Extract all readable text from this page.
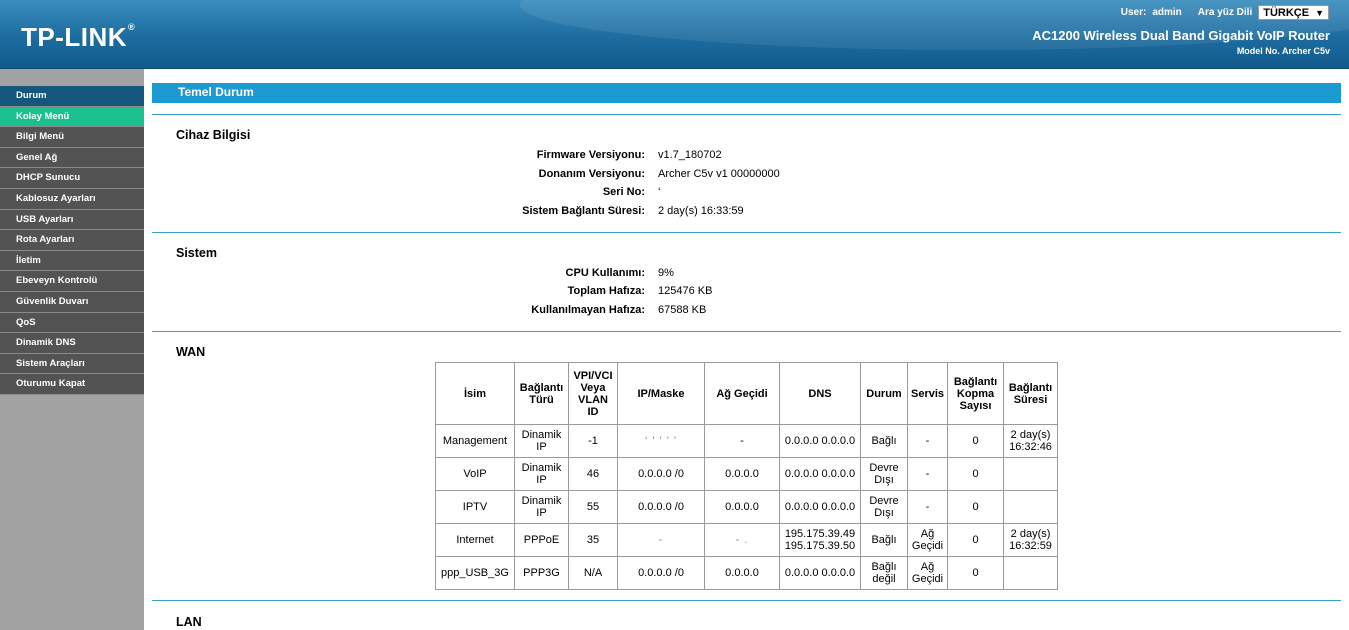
TP-LINK®
User: admin Ara yüz Dili TÜRKÇE ▼
AC1200 Wireless Dual Band Gigabit VoIP Router
Model No. Archer C5v
Durum
Kolay Menü
Bilgi Menü
Genel Ağ
DHCP Sunucu
Kablosuz Ayarları
USB Ayarları
Rota Ayarları
İletim
Ebeveyn Kontrolü
Güvenlik Duvarı
QoS
Dinamik DNS
Sistem Araçları
Oturumu Kapat
Temel Durum
Cihaz Bilgisi
Firmware Versiyonu: v1.7_180702
Donanım Versiyonu: Archer C5v v1 00000000
Seri No: ‘
Sistem Bağlantı Süresi: 2 day(s) 16:33:59
Sistem
CPU Kullanımı: 9%
Toplam Hafıza: 125476 KB
Kullanılmayan Hafıza: 67588 KB
WAN
İsim	Bağlantı Türü	VPI/VCI Veya VLAN ID	IP/Maske	Ağ Geçidi	DNS	Durum	Servis	Bağlantı Kopma Sayısı	Bağlantı Süresi
Management	Dinamik IP	-1	‘ ' ' ' '	-	0.0.0.0 0.0.0.0	Bağlı	-	0	2 day(s) 16:32:46
VoIP	Dinamik IP	46	0.0.0.0 /0	0.0.0.0	0.0.0.0 0.0.0.0	Devre Dışı	-	0	
IPTV	Dinamik IP	55	0.0.0.0 /0	0.0.0.0	0.0.0.0 0.0.0.0	Devre Dışı	-	0	
Internet	PPPoE	35	-	- .	195.175.39.49 195.175.39.50	Bağlı	Ağ Geçidi	0	2 day(s) 16:32:59
ppp_USB_3G	PPP3G	N/A	0.0.0.0 /0	0.0.0.0	0.0.0.0 0.0.0.0	Bağlı değil	Ağ Geçidi	0	
LAN
